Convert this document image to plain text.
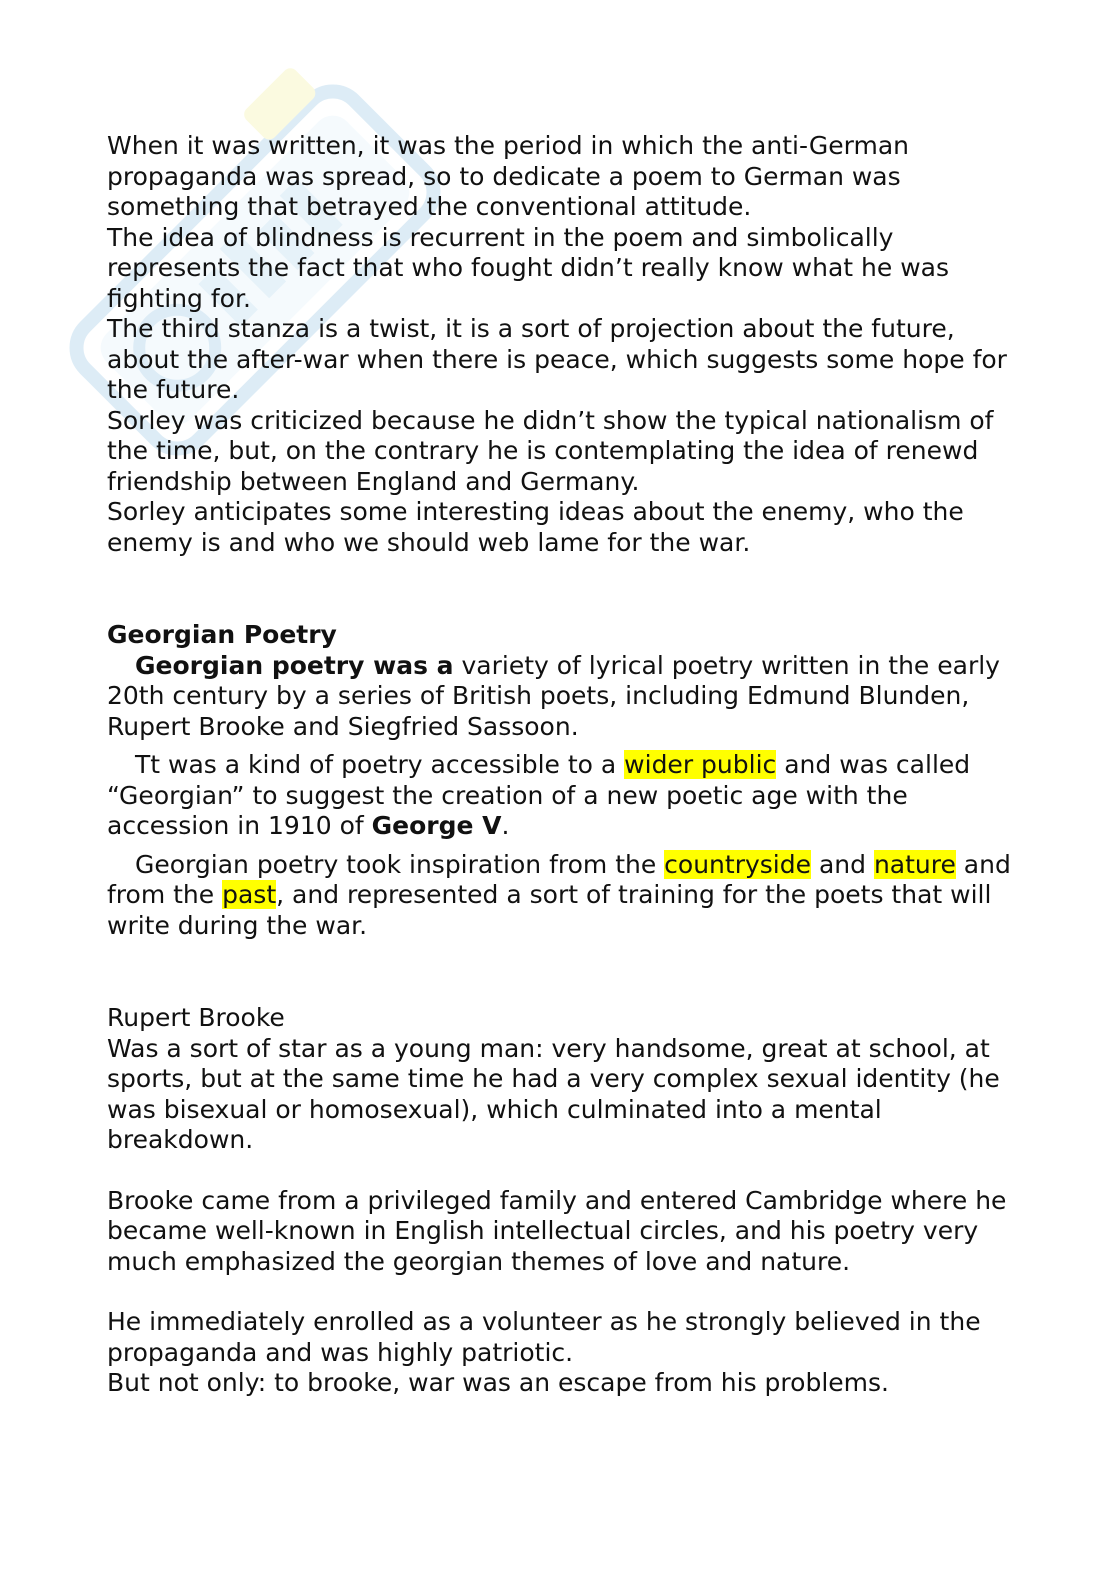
When it was written, it was the period in which the anti-German propaganda was spread, so to dedicate a poem to German was something that betrayed the conventional attitude.

The idea of blindness is recurrent in the poem and simbolically represents the fact that who fought didn’t really know what he was fighting for.

The third stanza is a twist, it is a sort of projection about the future, about the after-war when there is peace, which suggests some hope for the future.

Sorley was criticized because he didn’t show the typical nationalism of the time, but, on the contrary he is contemplating the idea of renewd friendship between England and Germany.

Sorley anticipates some interesting ideas about the enemy, who the enemy is and who we should web lame for the war.

Georgian Poetry

Georgian poetry was a variety of lyrical poetry written in the early 20th century by a series of British poets, including Edmund Blunden, Rupert Brooke and Siegfried Sassoon.

Tt was a kind of poetry accessible to a wider public and was called “Georgian” to suggest the creation of a new poetic age with the accession in 1910 of George V.

Georgian poetry took inspiration from the countryside and nature and from the past, and represented a sort of training for the poets that will write during the war.

Rupert Brooke

Was a sort of star as a young man: very handsome, great at school, at sports, but at the same time he had a very complex sexual identity (he was bisexual or homosexual), which culminated into a mental breakdown.

Brooke came from a privileged family and entered Cambridge where he became well-known in English intellectual circles, and his poetry very much emphasized the georgian themes of love and nature.

He immediately enrolled as a volunteer as he strongly believed in the propaganda and was highly patriotic.

But not only: to brooke, war was an escape from his problems.
